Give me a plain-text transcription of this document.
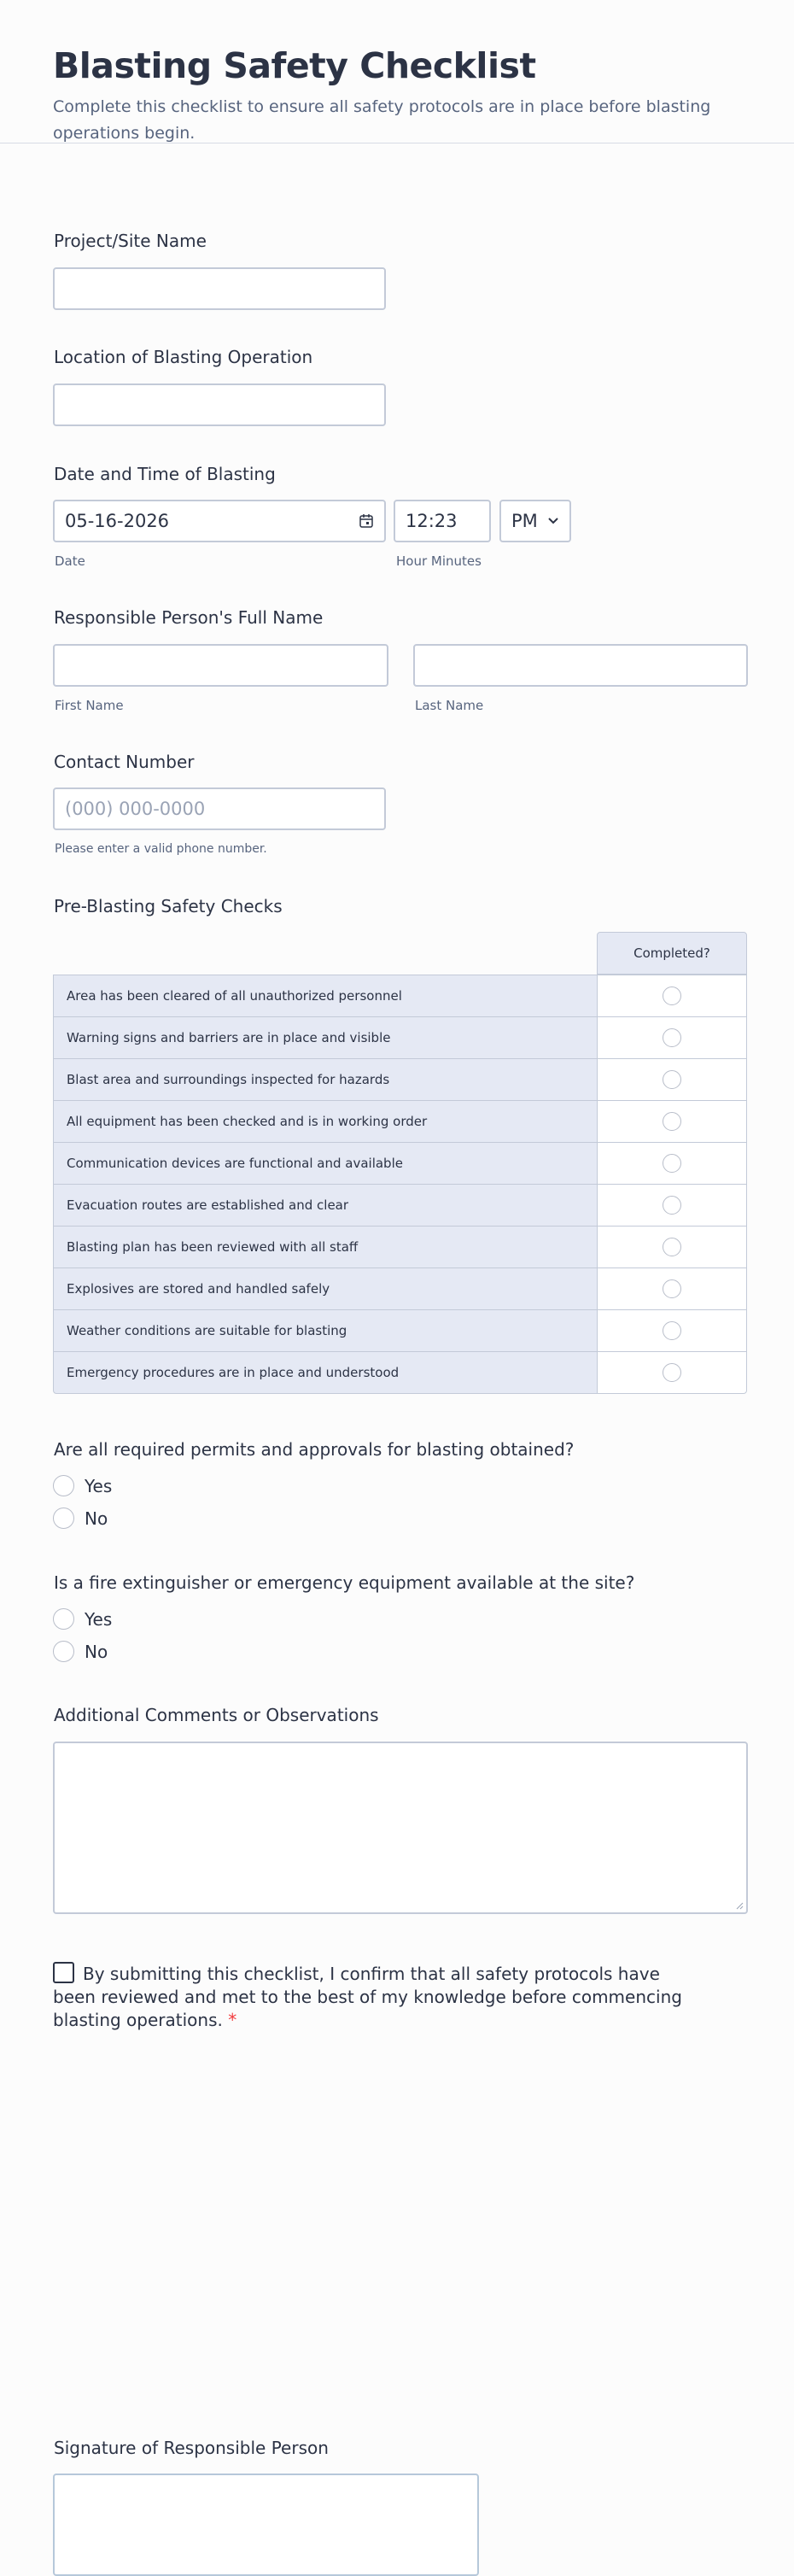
Blasting Safety Checklist
Complete this checklist to ensure all safety protocols are in place before blasting operations begin.
Project/Site Name
Location of Blasting Operation
Date and Time of Blasting
05-16-2026
Date
12:23
Hour Minutes
PM
Responsible Person's Full Name
First Name	Last Name
Contact Number
(000) 000-0000
Please enter a valid phone number.
Pre-Blasting Safety Checks
Completed?
Area has been cleared of all unauthorized personnel
Warning signs and barriers are in place and visible
Blast area and surroundings inspected for hazards
All equipment has been checked and is in working order
Communication devices are functional and available
Evacuation routes are established and clear
Blasting plan has been reviewed with all staff
Explosives are stored and handled safely
Weather conditions are suitable for blasting
Emergency procedures are in place and understood
Are all required permits and approvals for blasting obtained?
Yes
No
Is a fire extinguisher or emergency equipment available at the site?
Yes
No
Additional Comments or Observations
By submitting this checklist, I confirm that all safety protocols have been reviewed and met to the best of my knowledge before commencing blasting operations. *
Signature of Responsible Person
